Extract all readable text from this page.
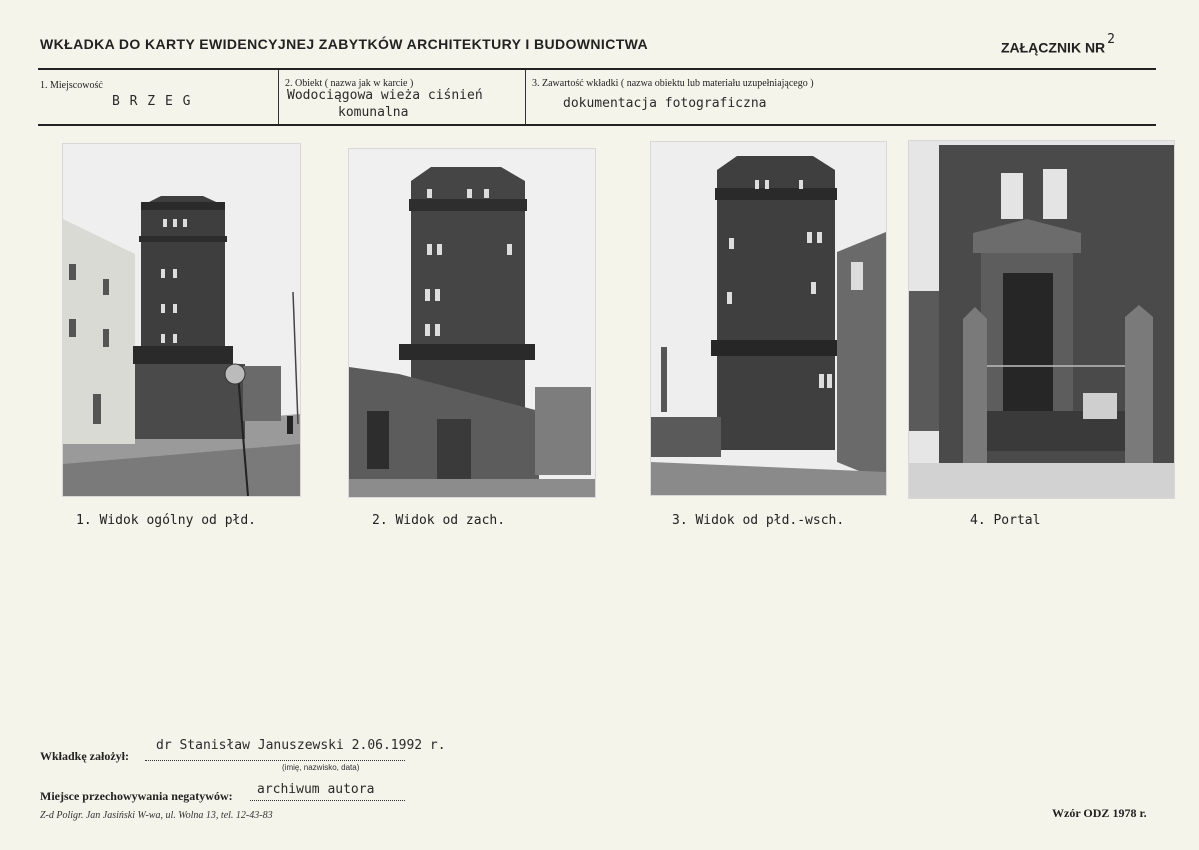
WKŁADKA DO KARTY EWIDENCYJNEJ ZABYTKÓW ARCHITEKTURY I BUDOWNICTWA	ZAŁĄCZNIK $NR^2$
1. Miejscowość
B R Z E G
2. Obiekt ( nazwa jak w karcie )
Wodociągowa wieża ciśnień
komunalna
3. Zawartość wkładki ( nazwa obiektu lub materiału uzupełniającego )
dokumentacja fotograficzna
1. Widok ogólny od płd.	2. Widok od zach.	3. Widok od płd.-wsch.	4. Portal
Wkładkę założył:
dr Stanisław Januszewski 2.06.1992 r.
(imię, nazwisko, data)
Miejsce przechowywania negatywów: archiwum autora
Z-d Poligr. Jan Jasiński W-wa, ul. Wolna 13, tel. 12-43-83	Wzór ODZ 1978 r.
